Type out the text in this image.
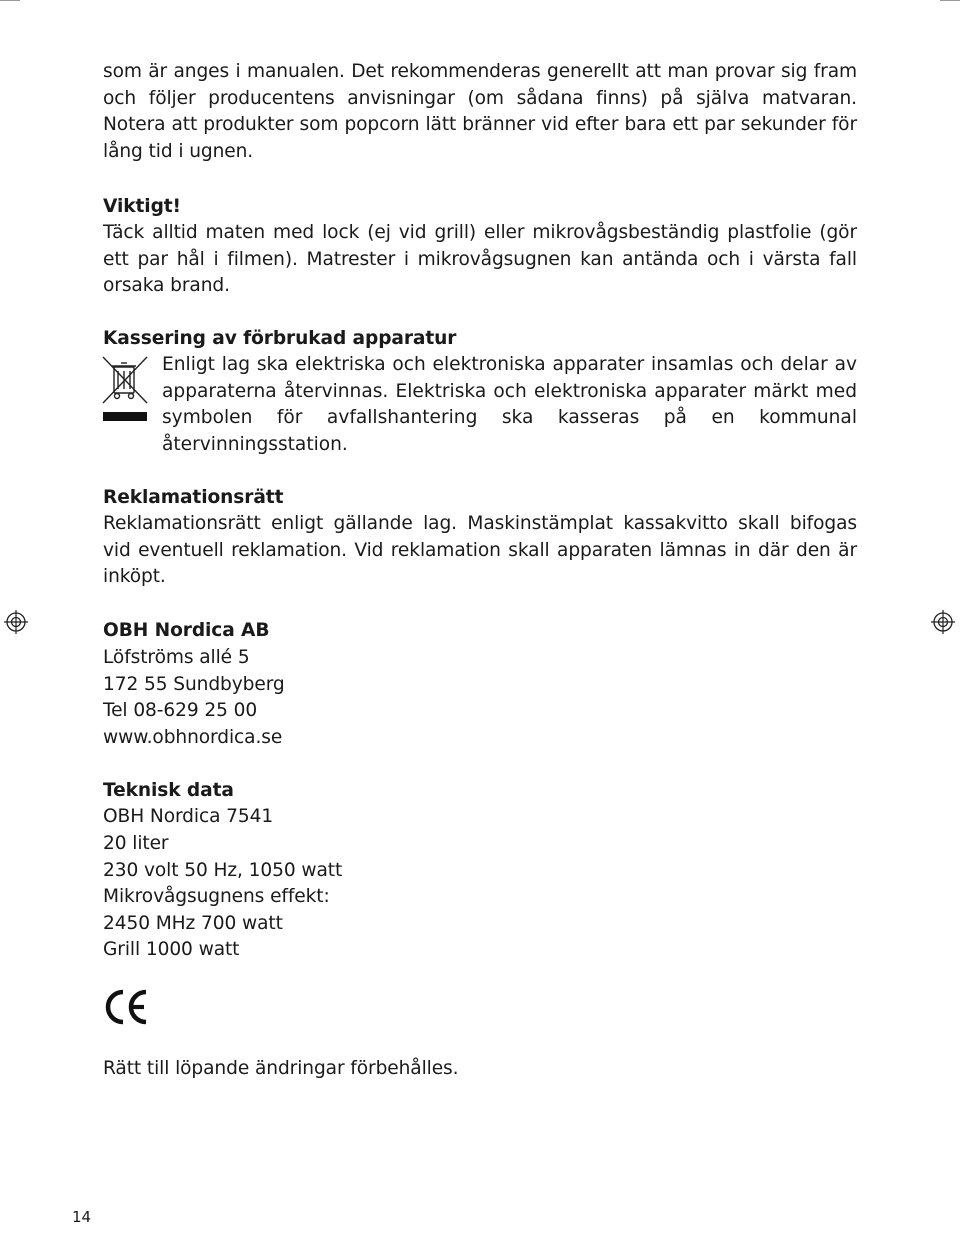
som är anges i manualen. Det rekommenderas generellt att man provar sig fram och följer producentens anvisningar (om sådana finns) på själva matvaran. Notera att produkter som popcorn lätt bränner vid efter bara ett par sekunder för lång tid i ugnen.

Viktigt!

Täck alltid maten med lock (ej vid grill) eller mikrovågsbeständig plastfolie (gör ett par hål i filmen). Matrester i mikrovågsugnen kan antända och i värsta fall orsaka brand.

Kassering av förbrukad apparatur

Enligt lag ska elektriska och elektroniska apparater insamlas och delar av apparaterna återvinnas. Elektriska och elektroniska apparater märkt med symbolen för avfallshantering ska kasseras på en kommunal återvinningsstation.

Reklamationsrätt

Reklamationsrätt enligt gällande lag. Maskinstämplat kassakvitto skall bifogas vid eventuell reklamation. Vid reklamation skall apparaten lämnas in där den är inköpt.

OBH Nordica AB
Löfströms allé 5
172 55 Sundbyberg
Tel 08-629 25 00
www.obhnordica.se
Teknisk data
OBH Nordica 7541
20 liter
230 volt 50 Hz, 1050 watt
Mikrovågsugnens effekt:
2450 MHz 700 watt
Grill 1000 watt
Rätt till löpande ändringar förbehålles.
14
